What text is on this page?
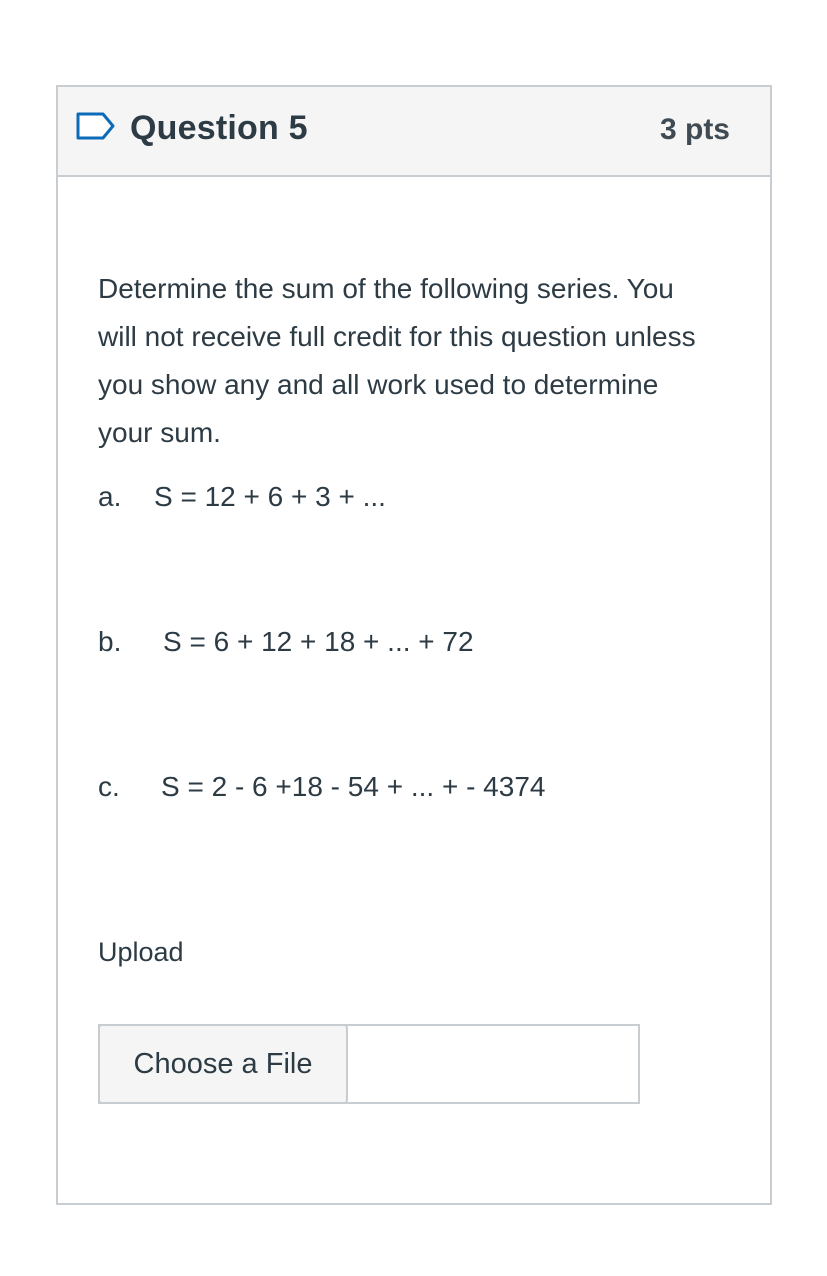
Question 5	3 pts

Determine the sum of the following series. You will not receive full credit for this question unless you show any and all work used to determine your sum.

a. S = 12 + 6 + 3 + ...
b. S = 6 + 12 + 18 + ... + 72
c. S = 2 - 6 +18 - 54 + ... + - 4374
Upload
Choose a File
